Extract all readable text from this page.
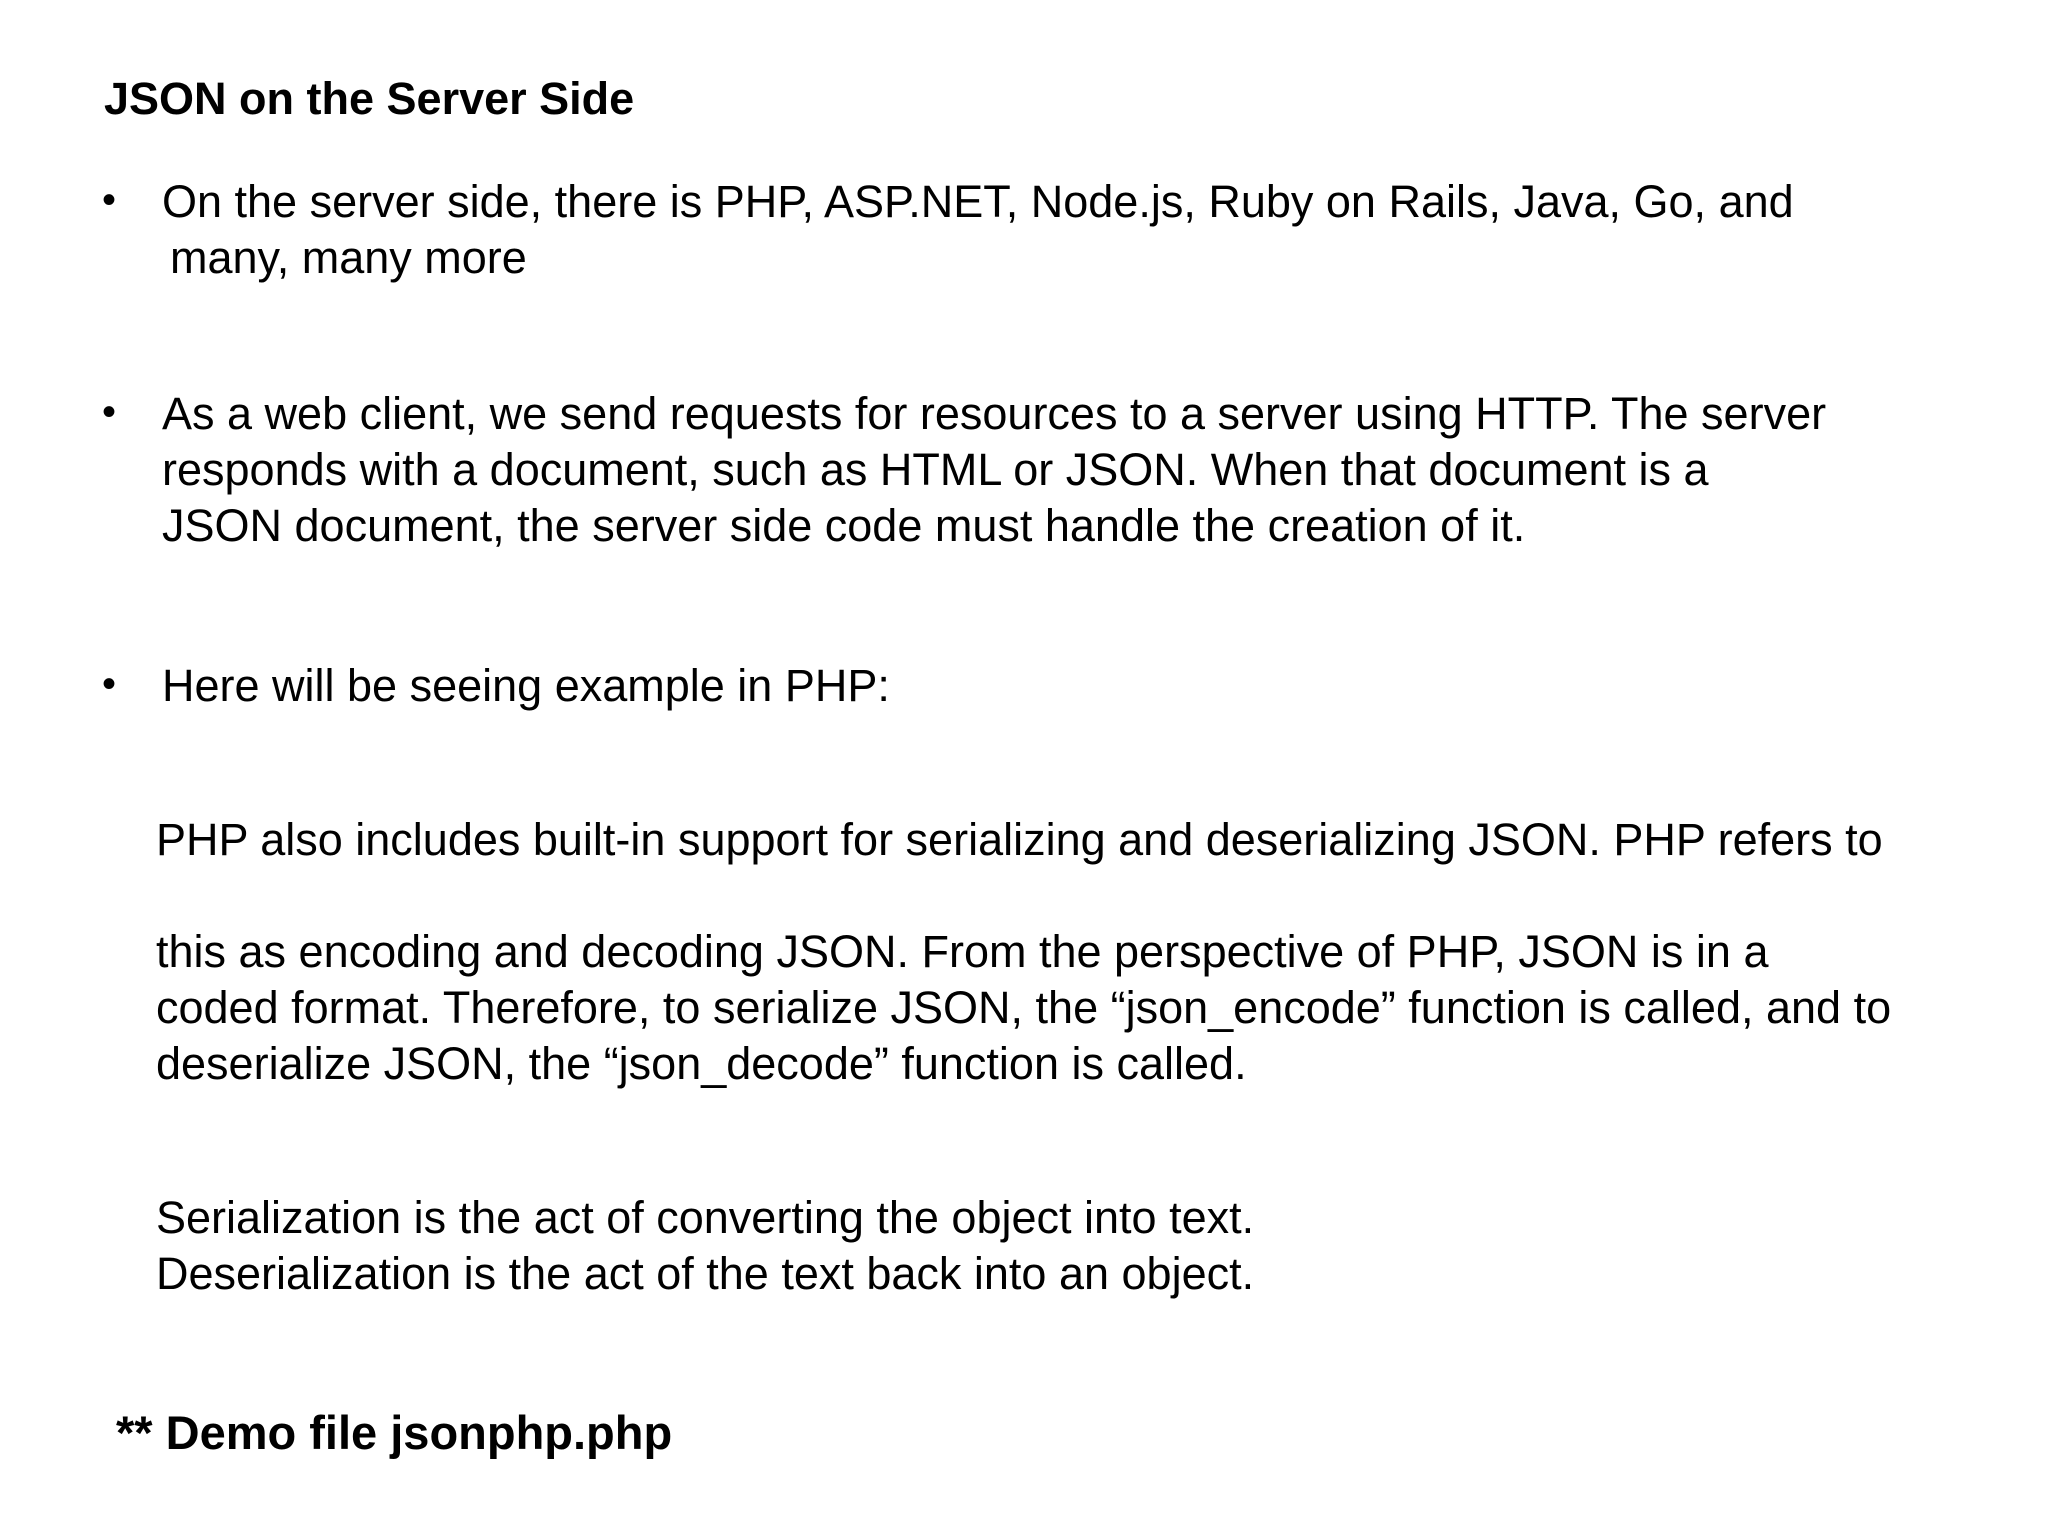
JSON on the Server Side
• On the server side, there is PHP, ASP.NET, Node.js, Ruby on Rails, Java, Go, and
many, many more
• As a web client, we send requests for resources to a server using HTTP. The server
responds with a document, such as HTML or JSON. When that document is a
JSON document, the server side code must handle the creation of it.
• Here will be seeing example in PHP:
PHP also includes built-in support for serializing and deserializing JSON. PHP refers to
this as encoding and decoding JSON. From the perspective of PHP, JSON is in a
coded format. Therefore, to serialize JSON, the “json_encode” function is called, and to
deserialize JSON, the “json_decode” function is called.
Serialization is the act of converting the object into text.
Deserialization is the act of the text back into an object.
** Demo file jsonphp.php
